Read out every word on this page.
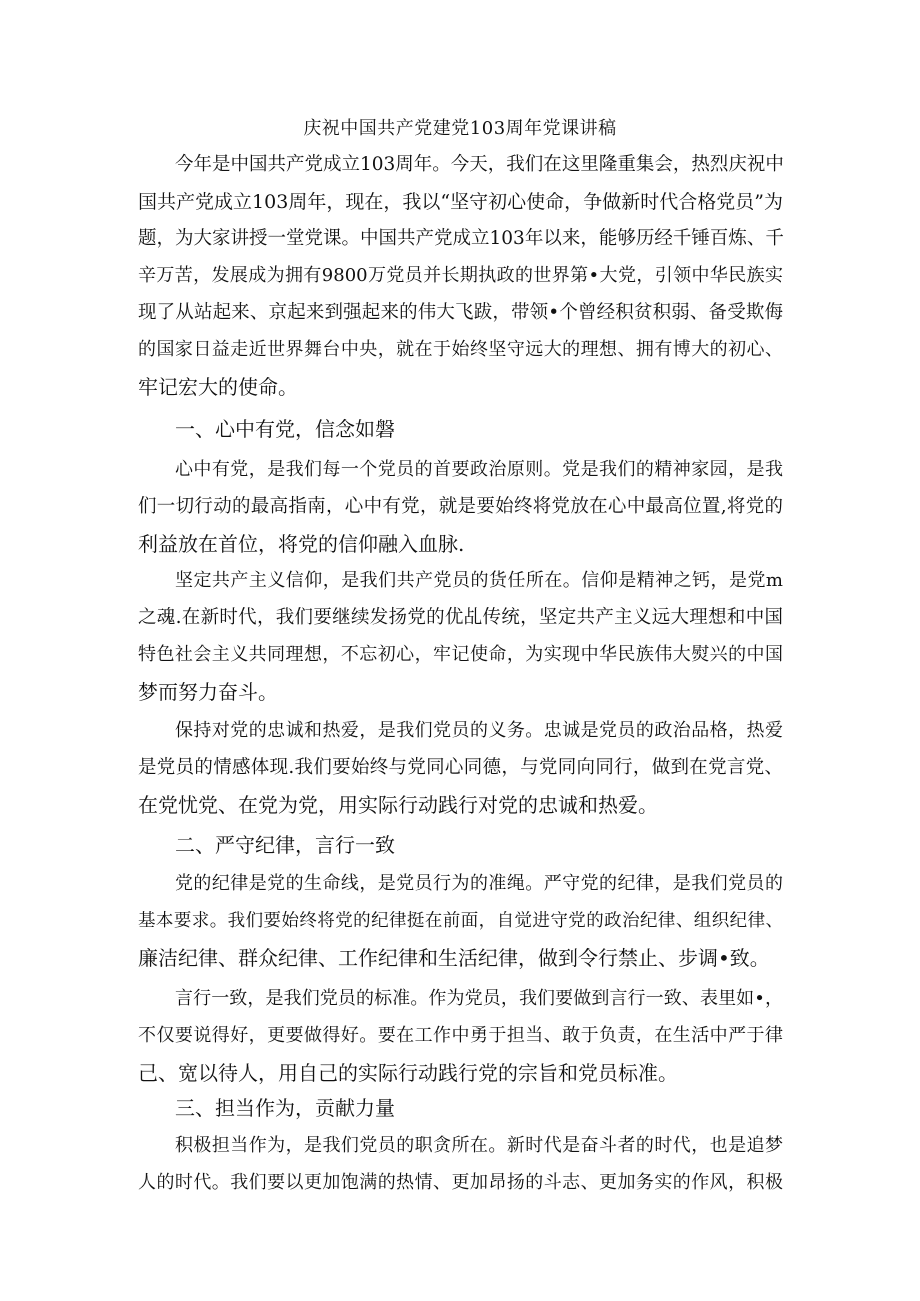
庆祝中国共产党建党103周年党课讲稿
今年是中国共产党成立103周年。今天，我们在这里隆重集会，热烈庆祝中
国共产党成立103周年，现在，我以“坚守初心使命，争做新时代合格党员”为
题，为大家讲授一堂党课。中国共产党成立103年以来，能够历经千锤百炼、千
辛万苦，发展成为拥有9800万党员并长期执政的世界第•大党，引领中华民族实
现了从站起来、京起来到强起来的伟大飞跋，带领•个曾经积贫积弱、备受欺侮
的国家日益走近世界舞台中央，就在于始终坚守远大的理想、拥有博大的初心、
牢记宏大的使命。
一、心中有党，信念如磐
心中有党，是我们每一个党员的首要政治原则。党是我们的精神家园，是我
们一切行动的最高指南，心中有党，就是要始终将党放在心中最高位置,将党的
利益放在首位，将党的信仰融入血脉.
坚定共产主义信仰，是我们共产党员的货任所在。信仰是精神之钙，是党m
之魂.在新时代，我们要继续发扬党的优乩传统，坚定共产主义远大理想和中国
特色社会主义共同理想，不忘初心，牢记使命，为实现中华民族伟大熨兴的中国
梦而努力奋斗。
保持对党的忠诚和热爱，是我们党员的义务。忠诚是党员的政治品格，热爱
是党员的情感体现.我们要始终与党同心同德，与党同向同行，做到在党言党、
在党忧党、在党为党，用实际行动践行对党的忠诚和热爱。
二、严守纪律，言行一致
党的纪律是党的生命线，是党员行为的准绳。严守党的纪律，是我们党员的
基本要求。我们要始终将党的纪律挺在前面，自觉进守党的政治纪律、组织纪律、
廉洁纪律、群众纪律、工作纪律和生活纪律，做到令行禁止、步调•致。
言行一致，是我们党员的标准。作为党员，我们要做到言行一致、表里如•，
不仅要说得好，更要做得好。要在工作中勇于担当、敢于负责，在生活中严于律
己、宽以待人，用自己的实际行动践行党的宗旨和党员标准。
三、担当作为，贡献力量
积极担当作为，是我们党员的职贪所在。新时代是奋斗者的时代，也是追梦
人的时代。我们要以更加饱满的热情、更加昂扬的斗志、更加务实的作风，积极
